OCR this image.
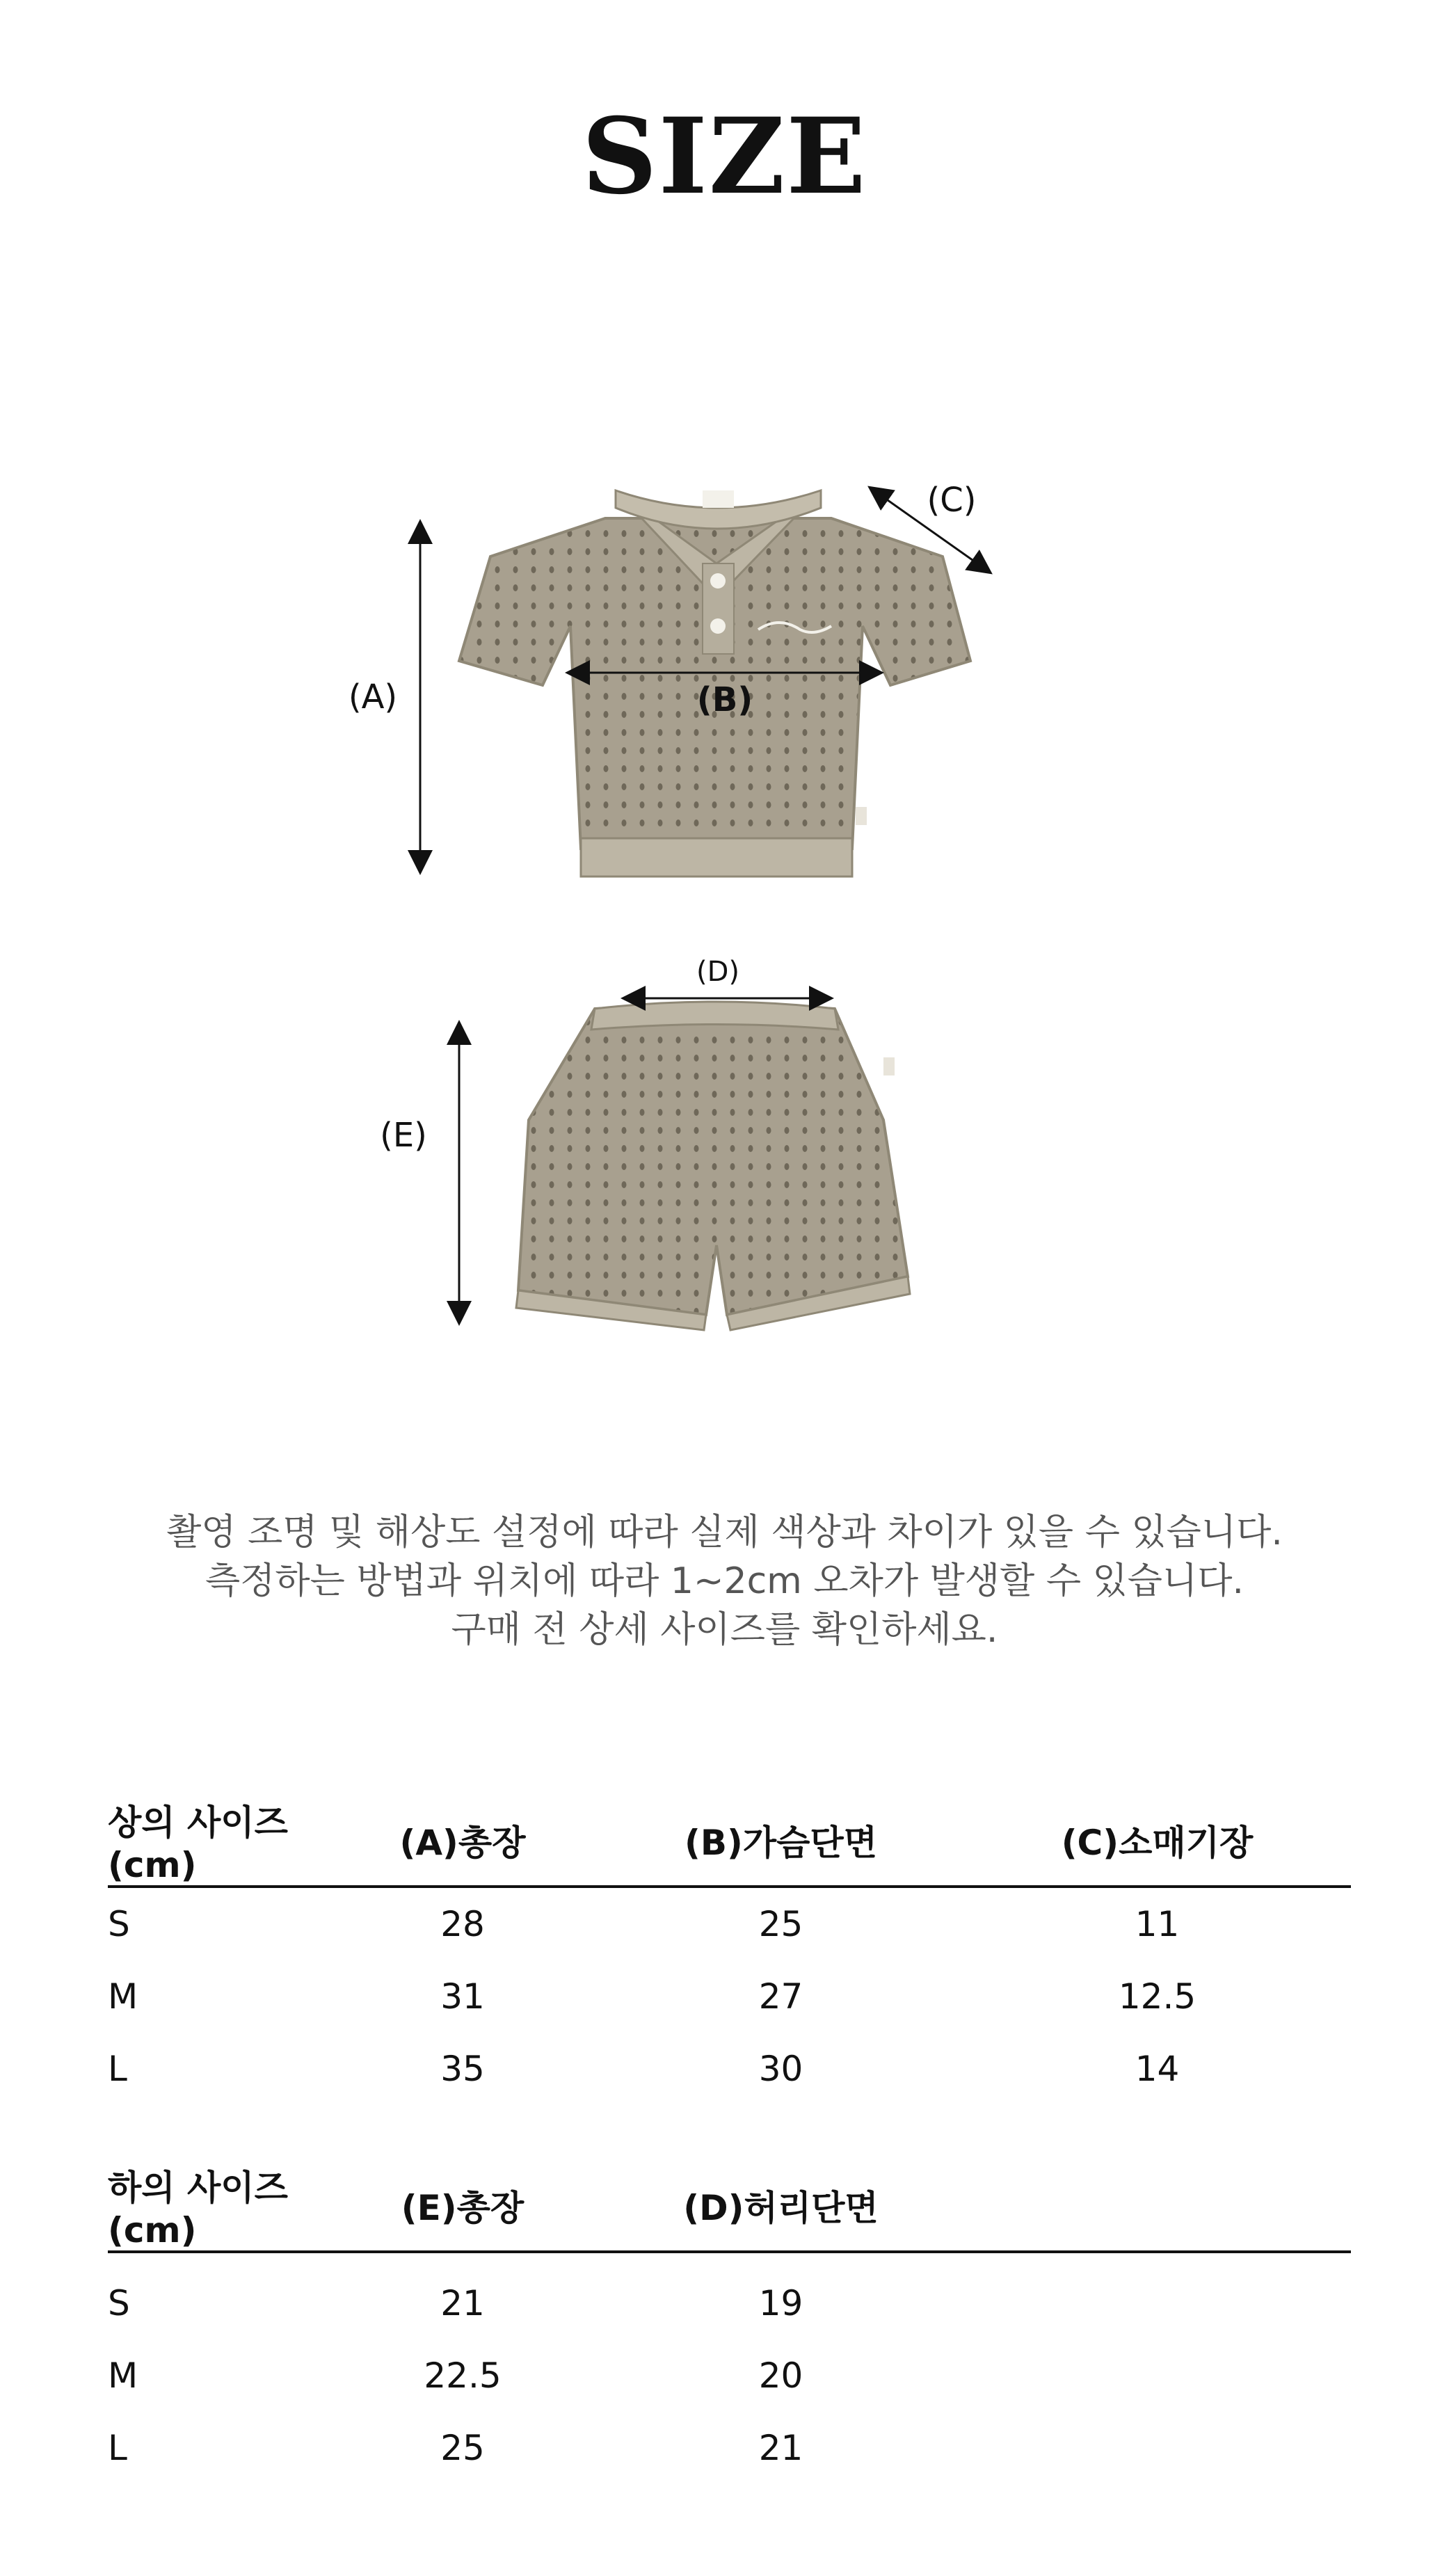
SIZE
(A)	(B)
(C)
(D)
(E)
촬영 조명 및 해상도 설정에 따라 실제 색상과 차이가 있을 수 있습니다.
측정하는 방법과 위치에 따라 1~2cm 오차가 발생할 수 있습니다.
구매 전 상세 사이즈를 확인하세요.
상의 사이즈(cm)	(A)총장	(B)가슴단면	(C)소매기장
S	28	25	11
M	31	27	12.5
L	35	30	14
하의 사이즈(cm)	(E)총장	(D)허리단면	
S	21	19	
M	22.5	20	
L	25	21	
